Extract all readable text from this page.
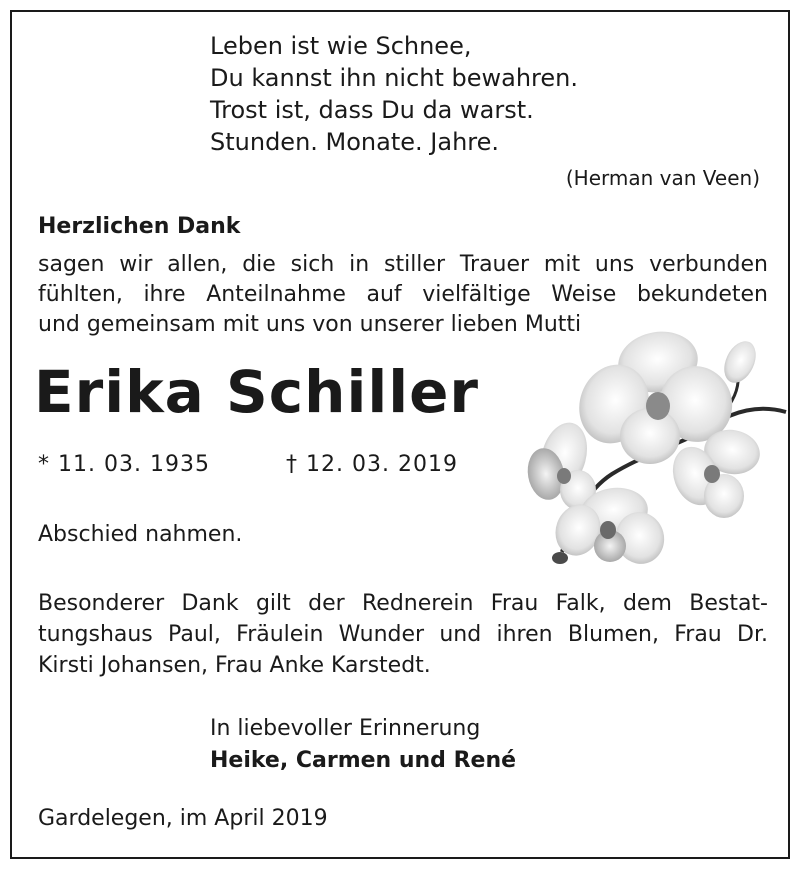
Leben ist wie Schnee,
Du kannst ihn nicht bewahren.
Trost ist, dass Du da warst.
Stunden. Monate. Jahre.
(Herman van Veen)
Herzlichen Dank
sagen wir allen, die sich in stiller Trauer mit uns verbunden
fühlten, ihre Anteilnahme auf vielfältige Weise bekundeten
und gemeinsam mit uns von unserer lieben Mutti
Erika Schiller
* 11. 03. 1935	† 12. 03. 2019
Abschied nahmen.
Besonderer Dank gilt der Rednerein Frau Falk, dem Bestat-
tungshaus Paul, Fräulein Wunder und ihren Blumen, Frau Dr.
Kirsti Johansen, Frau Anke Karstedt.
In liebevoller Erinnerung
Heike, Carmen und René
Gardelegen, im April 2019
